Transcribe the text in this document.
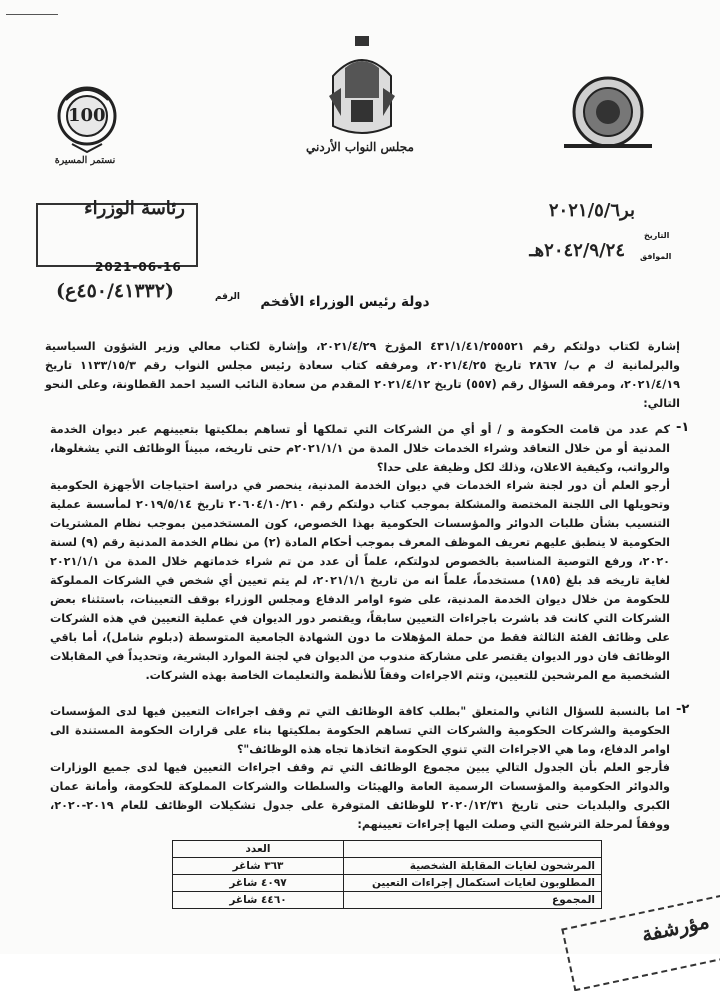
100
نستمر المسيرة
مجلس النواب الأردني
بر٢٠٢١/٥/٦
٢٠٤٢/٩/٢٤هـ
التاريخ
الموافق
رئاسة الوزراء
2021-06-16
الرقم
(٤٥٠/٤١٣٣٢ع)	دولة رئيس الوزراء الأفخم
إشارة لكتاب دولتكم رقم ٤٣١/١/٤١/٢٥٥٥٢١ المؤرخ ٢٠٢١/٤/٢٩، وإشارة لكتاب معالي وزير الشؤون السياسية والبرلمانية ك م ب/ ٢٨٦٧ تاريخ ٢٠٢١/٤/٢٥، ومرفقه كتاب سعادة رئيس مجلس النواب رقم ١١٣٣/١٥/٣ تاريخ ٢٠٢١/٤/١٩، ومرفقه السؤال رقم (٥٥٧) تاريخ ٢٠٢١/٤/١٢ المقدم من سعادة النائب السيد احمد القطاونة، وعلى النحو التالي:
-١
كم عدد من قامت الحكومة و / أو أي من الشركات التي تملكها أو تساهم بملكيتها بتعيينهم عبر ديوان الخدمة المدنية أو من خلال التعاقد وشراء الخدمات خلال المدة من ٢٠٢١/١/١م حتى تاريخه، مبيناً الوظائف التي يشغلوها، والرواتب، وكيفية الاعلان، وذلك لكل وظيفة على حدا؟
أرجو العلم أن دور لجنة شراء الخدمات في ديوان الخدمة المدنية، ينحصر في دراسة احتياجات الأجهزة الحكومية وتحويلها الى اللجنة المختصة والمشكلة بموجب كتاب دولتكم رقم ٢٠٦٠٤/١٠/٢١٠ تاريخ ٢٠١٩/٥/١٤ لمأسسة عملية التنسيب بشأن طلبات الدوائر والمؤسسات الحكومية بهذا الخصوص، كون المستخدمين بموجب نظام المشتريات الحكومية لا ينطبق عليهم تعريف الموظف المعرف بموجب أحكام المادة (٢) من نظام الخدمة المدنية رقم (٩) لسنة ٢٠٢٠، ورفع التوصية المناسبة بالخصوص لدولتكم، علماً أن عدد من تم شراء خدماتهم خلال المدة من ٢٠٢١/١/١ لغاية تاريخه قد بلغ (١٨٥) مستخدماً، علماً انه من تاريخ ٢٠٢١/١/١، لم يتم تعيين أي شخص في الشركات المملوكة للحكومة من خلال ديوان الخدمة المدنية، على ضوء اوامر الدفاع ومجلس الوزراء بوقف التعيينات، باستثناء بعض الشركات التي كانت قد باشرت باجراءات التعيين سابقاً، ويقتصر دور الديوان في عملية التعيين في هذه الشركات على وظائف الفئة الثالثة فقط من حملة المؤهلات ما دون الشهادة الجامعية المتوسطة (دبلوم شامل)، أما باقي الوظائف فان دور الديوان يقتصر على مشاركة مندوب من الديوان في لجنة الموارد البشرية، وتحديداً في المقابلات الشخصية مع المرشحين للتعيين، وتتم الاجراءات وفقاً للأنظمة والتعليمات الخاصة بهذه الشركات.
-٢
اما بالنسبة للسؤال الثاني والمتعلق "بطلب كافة الوظائف التي تم وقف اجراءات التعيين فيها لدى المؤسسات الحكومية والشركات الحكومية والشركات التي تساهم الحكومة بملكيتها بناء على قرارات الحكومة المستندة الى اوامر الدفاع، وما هي الاجراءات التي تنوي الحكومة اتخاذها تجاه هذه الوظائف"؟
فأرجو العلم بأن الجدول التالي يبين مجموع الوظائف التي تم وقف اجراءات التعيين فيها لدى جميع الوزارات والدوائر الحكومية والمؤسسات الرسمية العامة والهيئات والسلطات والشركات المملوكة للحكومة، وأمانة عمان الكبرى والبلديات حتى تاريخ ٢٠٢٠/١٢/٣١ للوظائف المتوفرة على جدول تشكيلات الوظائف للعام ٢٠١٩-٢٠٢٠، ووفقاً لمرحلة الترشيح التي وصلت اليها إجراءات تعيينهم:
	العدد
المرشحون لغايات المقابلة الشخصية	٣٦٣ شاغر
المطلوبون لغايات استكمال إجراءات التعيين	٤٠٩٧ شاغر
المجموع	٤٤٦٠ شاغر
مؤرشفة
